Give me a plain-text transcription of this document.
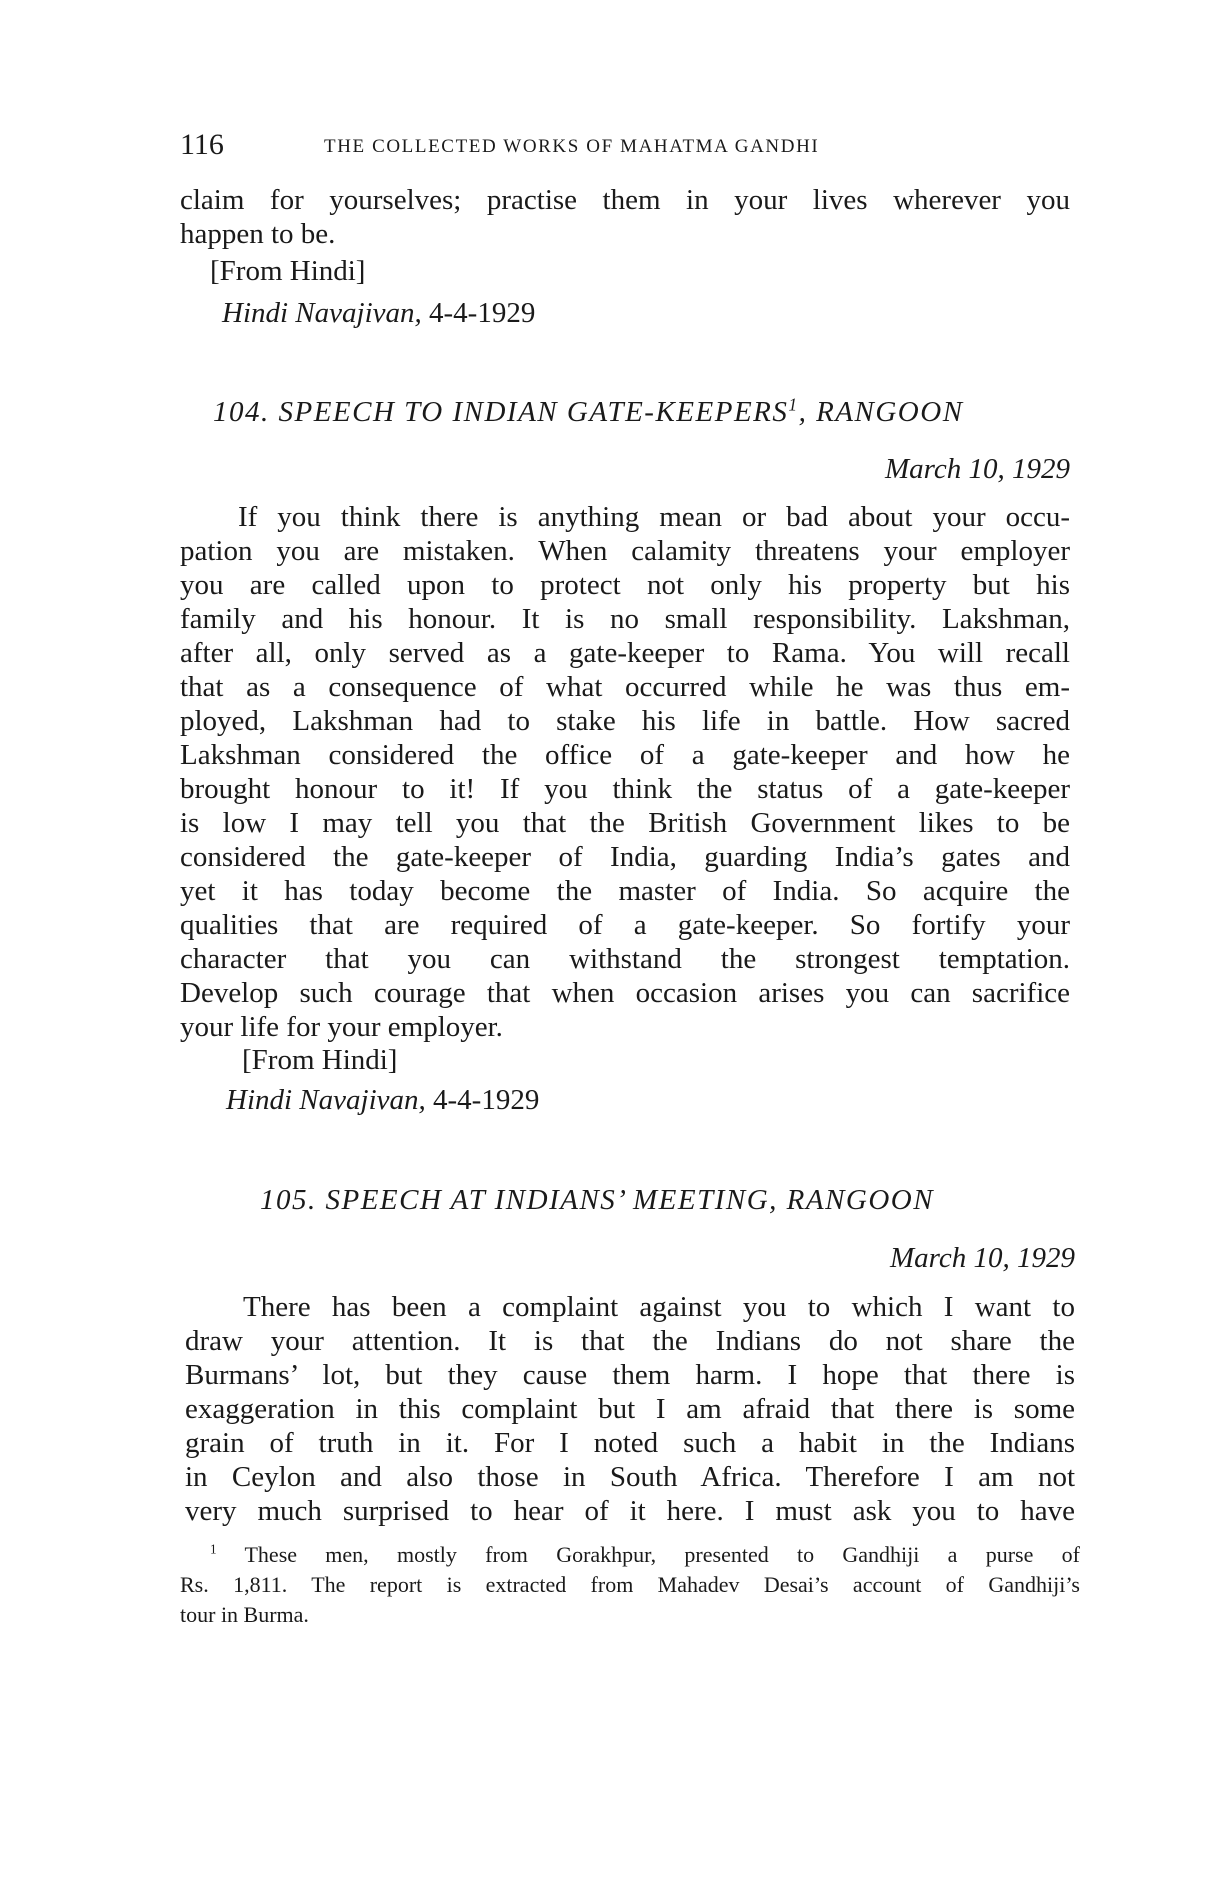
116	THE COLLECTED WORKS OF MAHATMA GANDHI
claim for yourselves; practise them in your lives wherever you
happen to be.
[From Hindi]
Hindi Navajivan, 4-4-1929
104. SPEECH TO INDIAN GATE-KEEPERS$^1$, RANGOON
March 10, 1929
If you think there is anything mean or bad about your occu-
pation you are mistaken. When calamity threatens your employer
you are called upon to protect not only his property but his
family and his honour. It is no small responsibility. Lakshman,
after all, only served as a gate-keeper to Rama. You will recall
that as a consequence of what occurred while he was thus em-
ployed, Lakshman had to stake his life in battle. How sacred
Lakshman considered the office of a gate-keeper and how he
brought honour to it! If you think the status of a gate-keeper
is low I may tell you that the British Government likes to be
considered the gate-keeper of India, guarding India’s gates and
yet it has today become the master of India. So acquire the
qualities that are required of a gate-keeper. So fortify your
character that you can withstand the strongest temptation.
Develop such courage that when occasion arises you can sacrifice
your life for your employer.
[From Hindi]
Hindi Navajivan, 4-4-1929
105. SPEECH AT INDIANS’ MEETING, RANGOON
March 10, 1929
There has been a complaint against you to which I want to
draw your attention. It is that the Indians do not share the
Burmans’ lot, but they cause them harm. I hope that there is
exaggeration in this complaint but I am afraid that there is some
grain of truth in it. For I noted such a habit in the Indians
in Ceylon and also those in South Africa. Therefore I am not
very much surprised to hear of it here. I must ask you to have
$^1$ These men, mostly from Gorakhpur, presented to Gandhiji a purse of
Rs. 1,811. The report is extracted from Mahadev Desai’s account of Gandhiji’s
tour in Burma.
